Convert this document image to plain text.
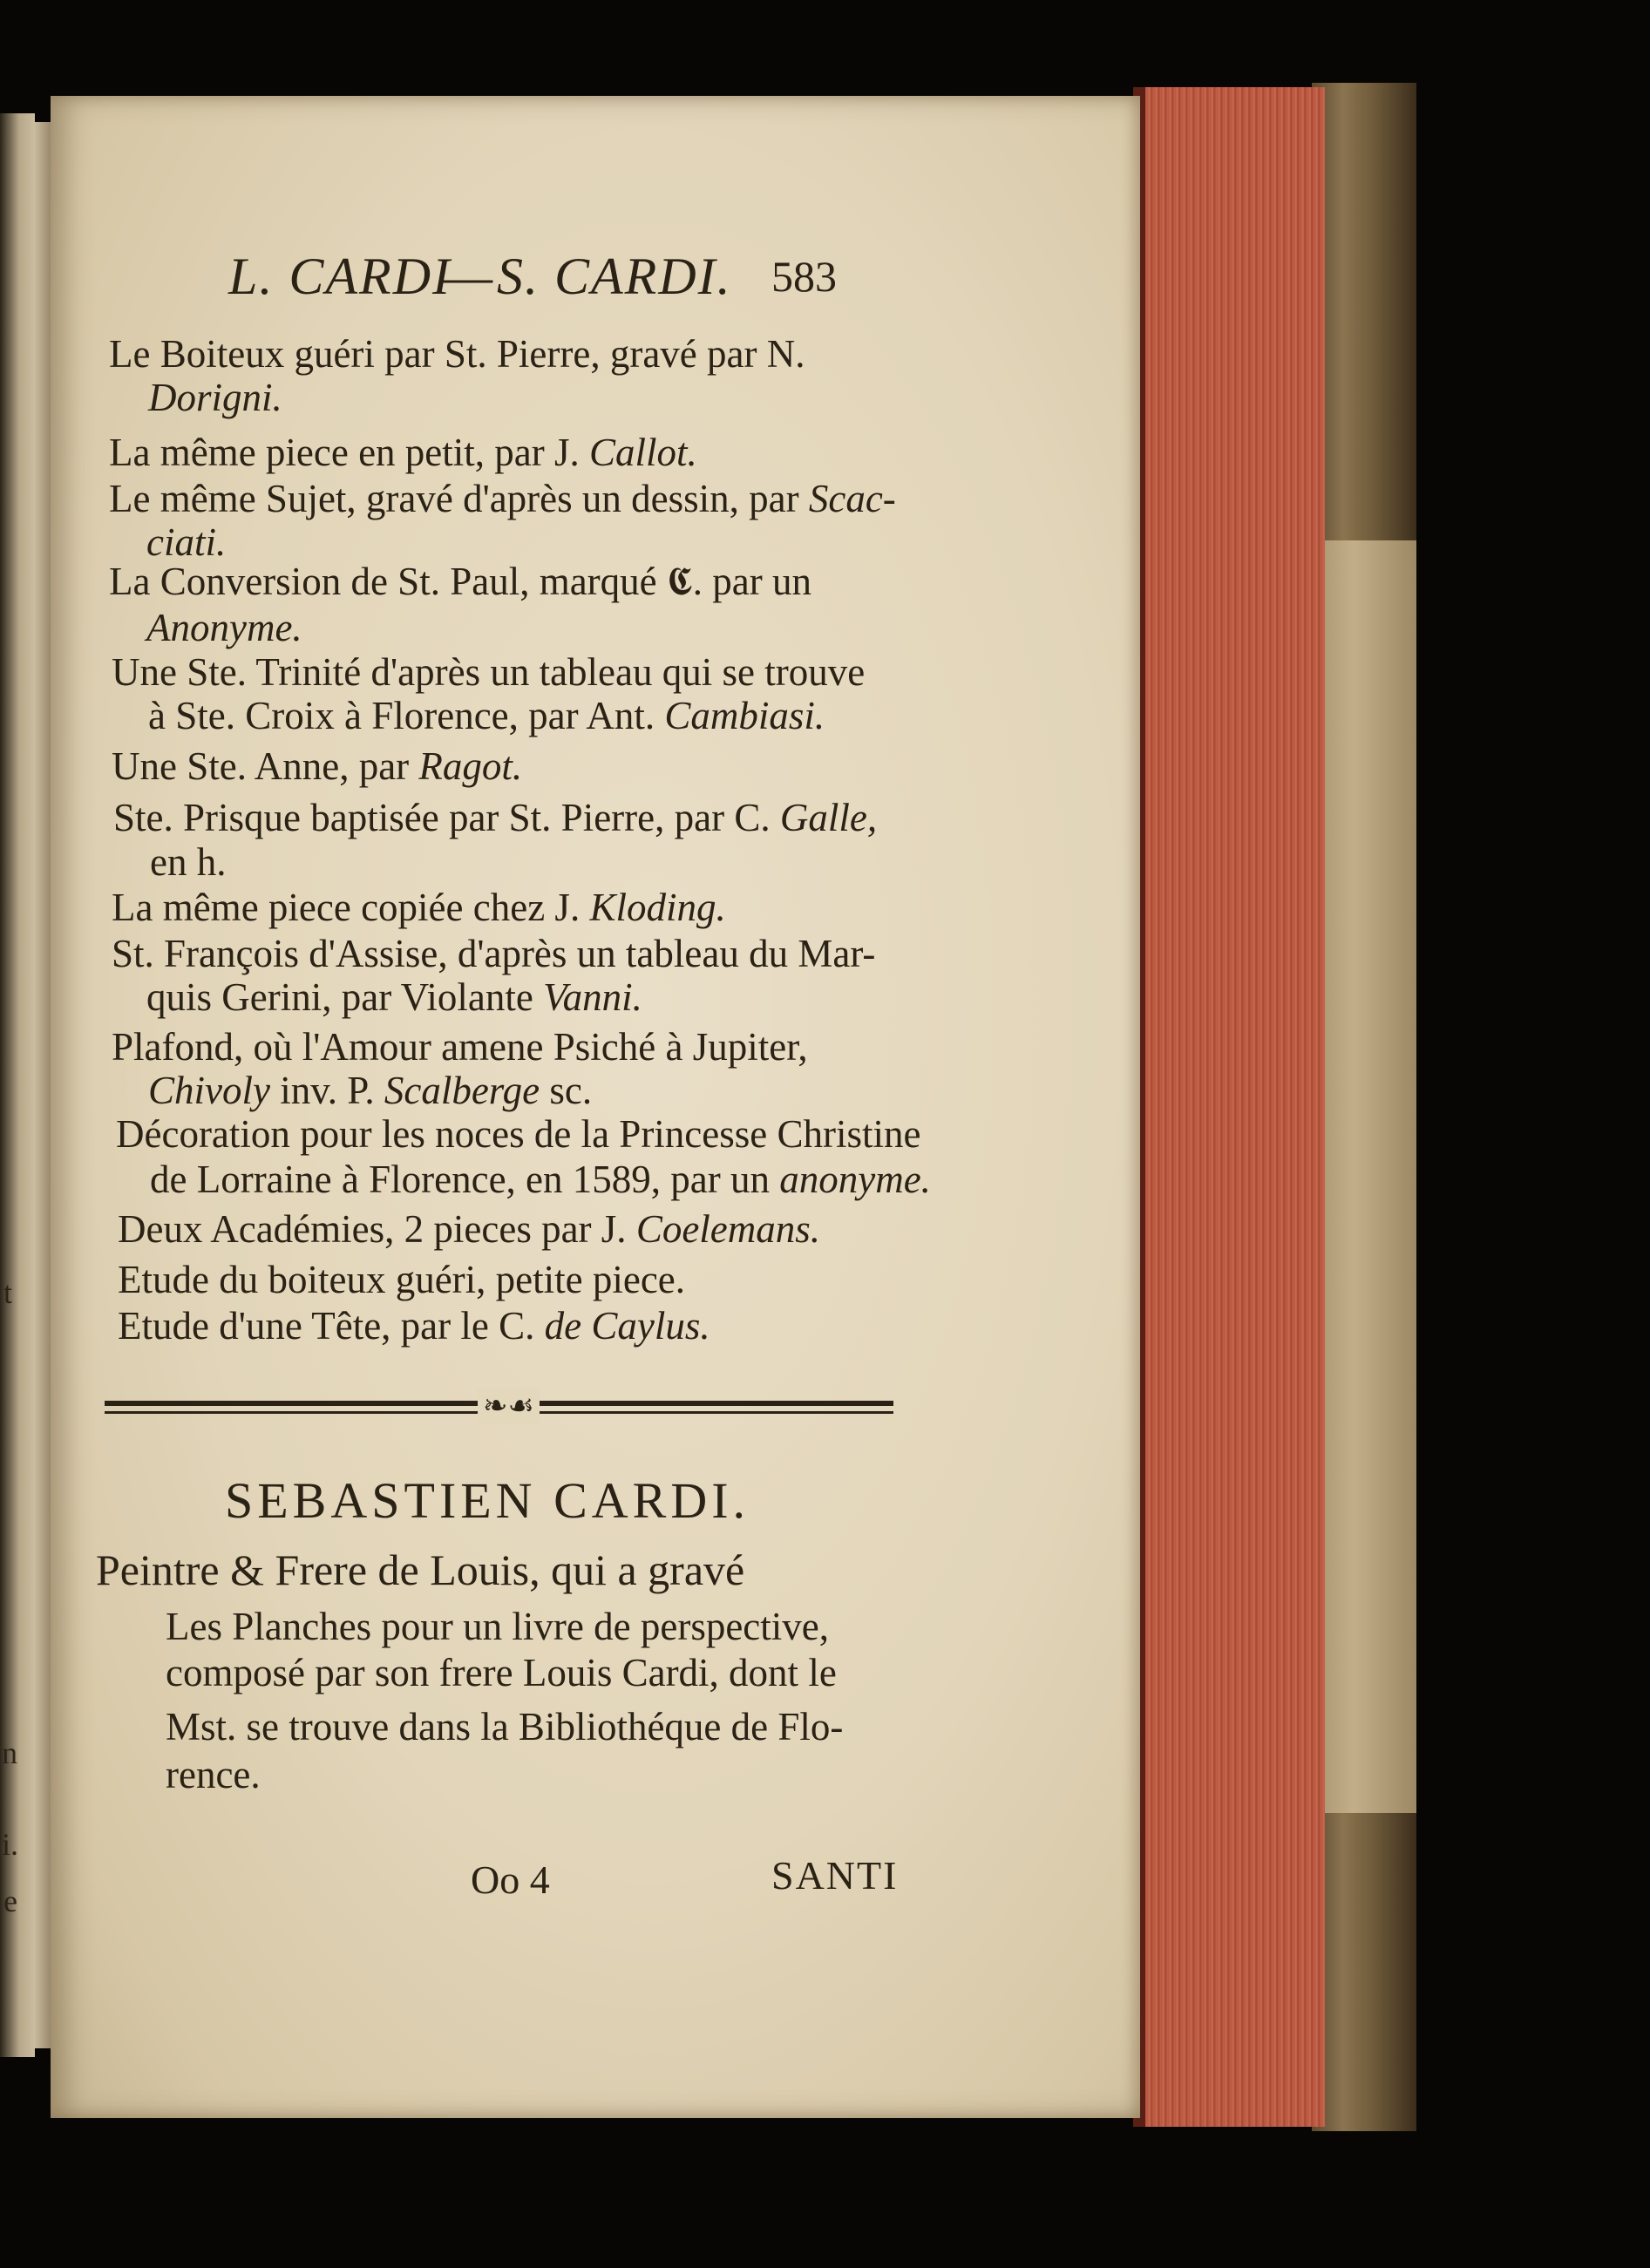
t
n
i.
e
L. CARDI
— S. CARDI. 583
Le Boiteux guéri par St. Pierre, gravé par N.
Dorigni.
La même piece en petit, par J. Callot.
Le même Sujet, gravé d'après un dessin, par Scac-
ciati.
La Conversion de St. Paul, marqué 𝕮. par un
Anonyme.
Une Ste. Trinité d'après un tableau qui se trouve
à Ste. Croix à Florence, par Ant. Cambiasi.
Une Ste. Anne, par Ragot.
Ste. Prisque baptisée par St. Pierre, par C. Galle,
en h.
La même piece copiée chez J. Kloding.
St. François d'Assise, d'après un tableau du Mar-
quis Gerini, par Violante Vanni.
Plafond, où l'Amour amene Psiché à Jupiter,
Chivoly inv. P. Scalberge sc.
Décoration pour les noces de la Princesse Christine
de Lorraine à Florence, en 1589, par un anonyme.
Deux Académies, 2 pieces par J. Coelemans.
Etude du boiteux guéri, petite piece.
Etude d'une Tête, par le C. de Caylus.
❧☙
SEBASTIEN CARDI.
Peintre & Frere de Louis, qui a gravé
Les Planches pour un livre de perspective,
composé par son frere Louis Cardi, dont le
Mst. se trouve dans la Bibliothéque de Flo-
rence.
Oo 4	SANTI
